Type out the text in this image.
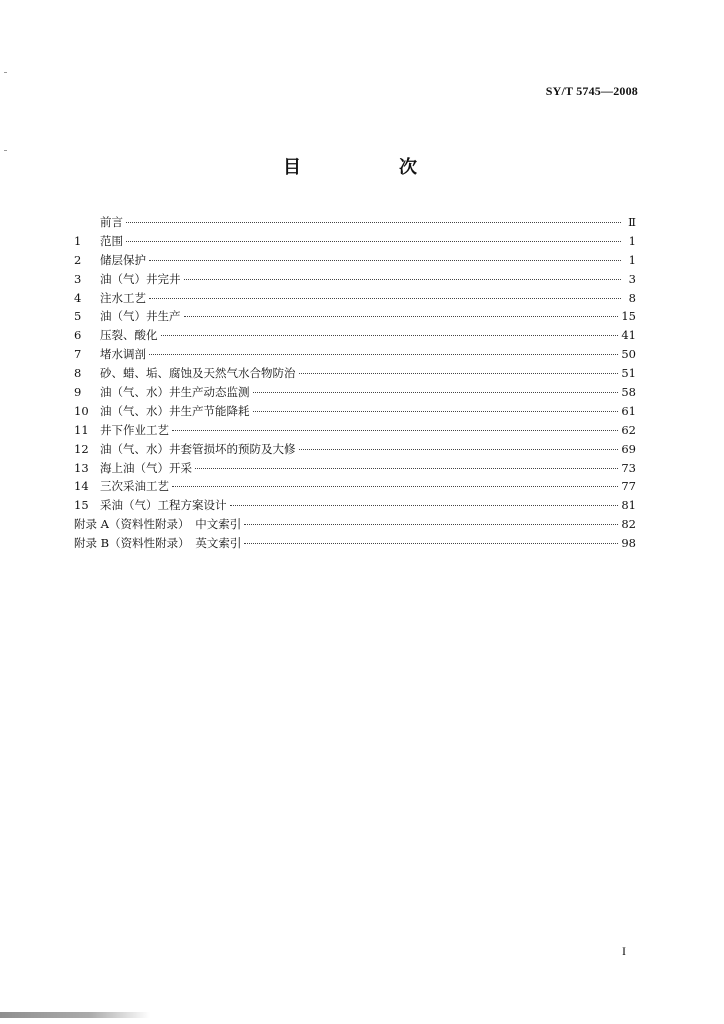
SY/T 5745—2008
目　次
前言	Ⅱ
1	范围	1
2	储层保护	1
3	油（气）井完井	3
4	注水工艺	8
5	油（气）井生产	15
6	压裂、酸化	41
7	堵水调剖	50
8	砂、蜡、垢、腐蚀及天然气水合物防治	51
9	油（气、水）井生产动态监测	58
10 油（气、水）井生产节能降耗	61
11 井下作业工艺	62
12 油（气、水）井套管损坏的预防及大修	69
13 海上油（气）开采	73
14 三次采油工艺	77
15 采油（气）工程方案设计	81
附录 A（资料性附录）　中文索引	82
附录 B（资料性附录）　英文索引	98
I
